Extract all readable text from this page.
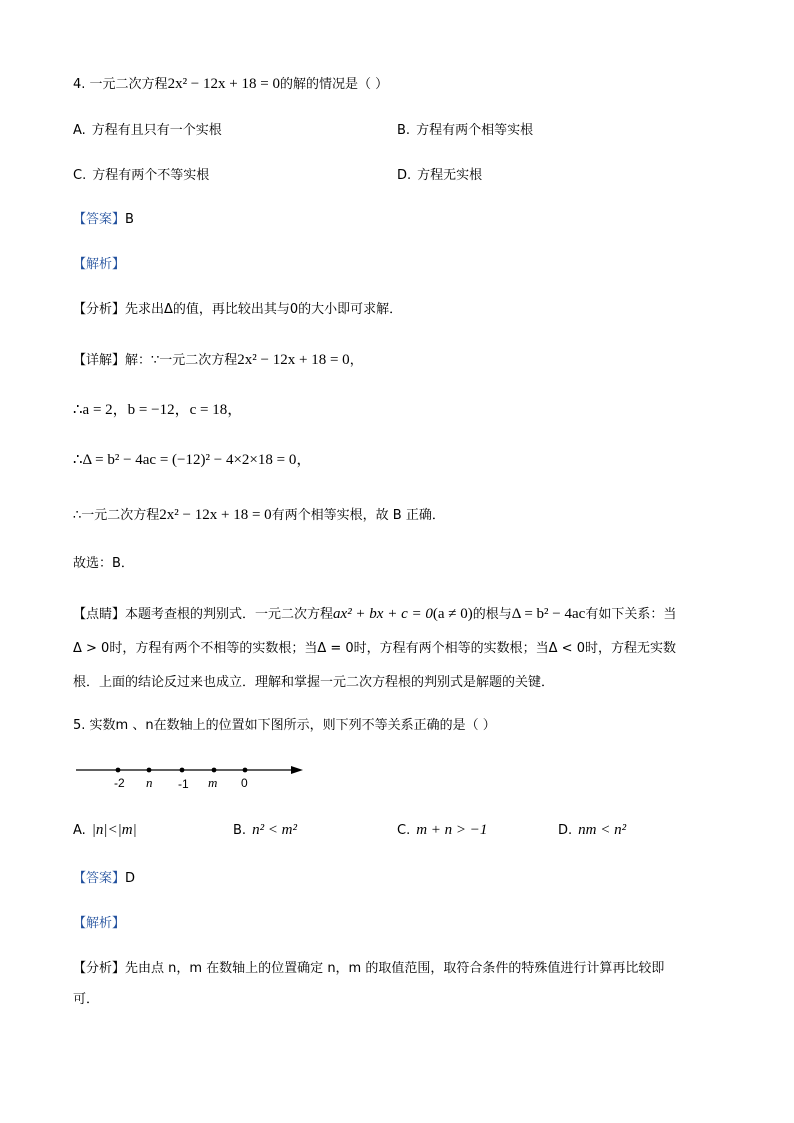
4. 一元二次方程2x² − 12x + 18 = 0的解的情况是（ ）
A. 方程有且只有一个实根	B. 方程有两个相等实根
C. 方程有两个不等实根	D. 方程无实根
【答案】B
【解析】
【分析】先求出Δ的值，再比较出其与0的大小即可求解．
【详解】解：∵一元二次方程2x² − 12x + 18 = 0，
∴a = 2，b = −12，c = 18，
∴Δ = b² − 4ac = (−12)² − 4×2×18 = 0，
∴一元二次方程2x² − 12x + 18 = 0有两个相等实根，故 B 正确．
故选：B．
【点睛】本题考查根的判别式．一元二次方程ax² + bx + c = 0(a ≠ 0)的根与Δ = b² − 4ac有如下关系：当
Δ > 0时，方程有两个不相等的实数根；当Δ = 0时，方程有两个相等的实数根；当Δ < 0时，方程无实数
根．上面的结论反过来也成立．理解和掌握一元二次方程根的判别式是解题的关键．
5. 实数m 、n在数轴上的位置如下图所示，则下列不等关系正确的是（ ）
-2 n -1 m 0
A. |n|<|m|	B. n² < m²	C. m + n > −1	D. nm < n²
【答案】D
【解析】
【分析】先由点 n，m 在数轴上的位置确定 n，m 的取值范围，取符合条件的特殊值进行计算再比较即
可．
